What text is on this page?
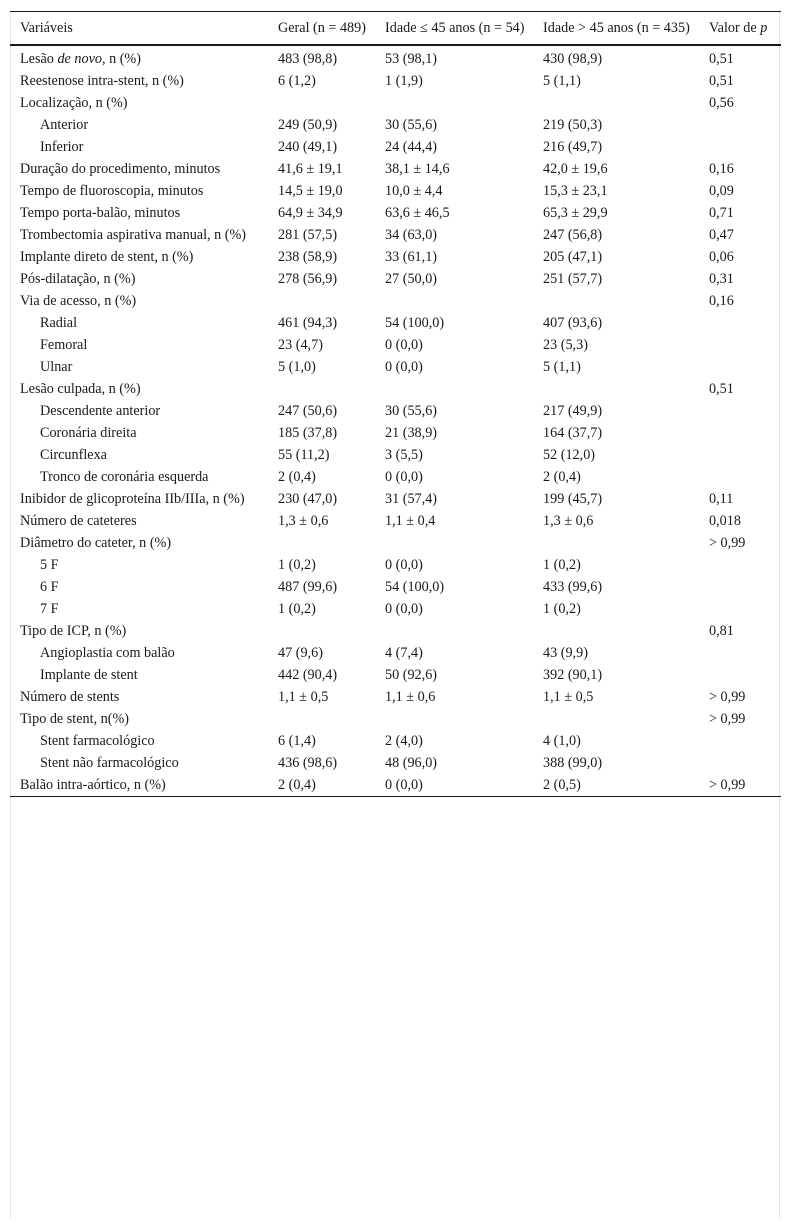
Variáveis	Geral (n = 489)	Idade ≤ 45 anos (n = 54)	Idade > 45 anos (n = 435)	Valor de p
Lesão de novo, n (%)	483 (98,8)	53 (98,1)	430 (98,9)	0,51
Reestenose intra-stent, n (%)	6 (1,2)	1 (1,9)	5 (1,1)	0,51
Localização, n (%)				0,56
Anterior	249 (50,9)	30 (55,6)	219 (50,3)	
Inferior	240 (49,1)	24 (44,4)	216 (49,7)	
Duração do procedimento, minutos	41,6 ± 19,1	38,1 ± 14,6	42,0 ± 19,6	0,16
Tempo de fluoroscopia, minutos	14,5 ± 19,0	10,0 ± 4,4	15,3 ± 23,1	0,09
Tempo porta-balão, minutos	64,9 ± 34,9	63,6 ± 46,5	65,3 ± 29,9	0,71
Trombectomia aspirativa manual, n (%)	281 (57,5)	34 (63,0)	247 (56,8)	0,47
Implante direto de stent, n (%)	238 (58,9)	33 (61,1)	205 (47,1)	0,06
Pós-dilatação, n (%)	278 (56,9)	27 (50,0)	251 (57,7)	0,31
Via de acesso, n (%)				0,16
Radial	461 (94,3)	54 (100,0)	407 (93,6)	
Femoral	23 (4,7)	0 (0,0)	23 (5,3)	
Ulnar	5 (1,0)	0 (0,0)	5 (1,1)	
Lesão culpada, n (%)				0,51
Descendente anterior	247 (50,6)	30 (55,6)	217 (49,9)	
Coronária direita	185 (37,8)	21 (38,9)	164 (37,7)	
Circunflexa	55 (11,2)	3 (5,5)	52 (12,0)	
Tronco de coronária esquerda	2 (0,4)	0 (0,0)	2 (0,4)	
Inibidor de glicoproteína IIb/IIIa, n (%)	230 (47,0)	31 (57,4)	199 (45,7)	0,11
Número de cateteres	1,3 ± 0,6	1,1 ± 0,4	1,3 ± 0,6	0,018
Diâmetro do cateter, n (%)				> 0,99
5 F	1 (0,2)	0 (0,0)	1 (0,2)	
6 F	487 (99,6)	54 (100,0)	433 (99,6)	
7 F	1 (0,2)	0 (0,0)	1 (0,2)	
Tipo de ICP, n (%)				0,81
Angioplastia com balão	47 (9,6)	4 (7,4)	43 (9,9)	
Implante de stent	442 (90,4)	50 (92,6)	392 (90,1)	
Número de stents	1,1 ± 0,5	1,1 ± 0,6	1,1 ± 0,5	> 0,99
Tipo de stent, n(%)				> 0,99
Stent farmacológico	6 (1,4)	2 (4,0)	4 (1,0)	
Stent não farmacológico	436 (98,6)	48 (96,0)	388 (99,0)	
Balão intra-aórtico, n (%)	2 (0,4)	0 (0,0)	2 (0,5)	> 0,99
